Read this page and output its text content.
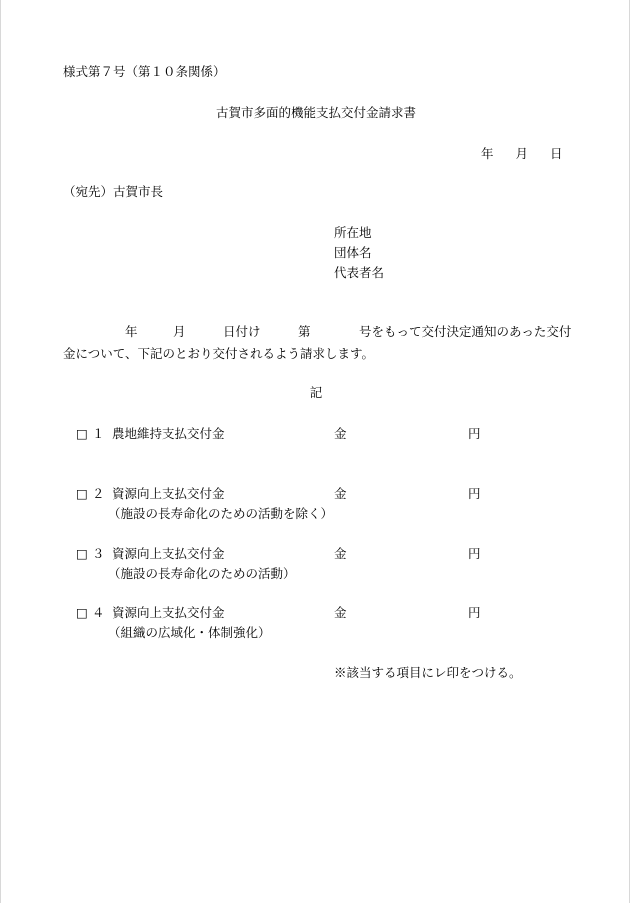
様式第７号（第１０条関係）
古賀市多面的機能支払交付金請求書
年 月 日
（宛先）古賀市長
所在地
団体名
代表者名
年	月	日付け	第	号をもって交付決定通知のあった交付
金について、下記のとおり交付されるよう請求します。
記
□ １ 農地維持支払交付金	金	円
□ ２ 資源向上支払交付金	金	円
（施設の長寿命化のための活動を除く）
□ ３ 資源向上支払交付金	金	円
（施設の長寿命化のための活動）
□ ４ 資源向上支払交付金	金	円
（組織の広域化・体制強化）
※該当する項目にレ印をつける。
